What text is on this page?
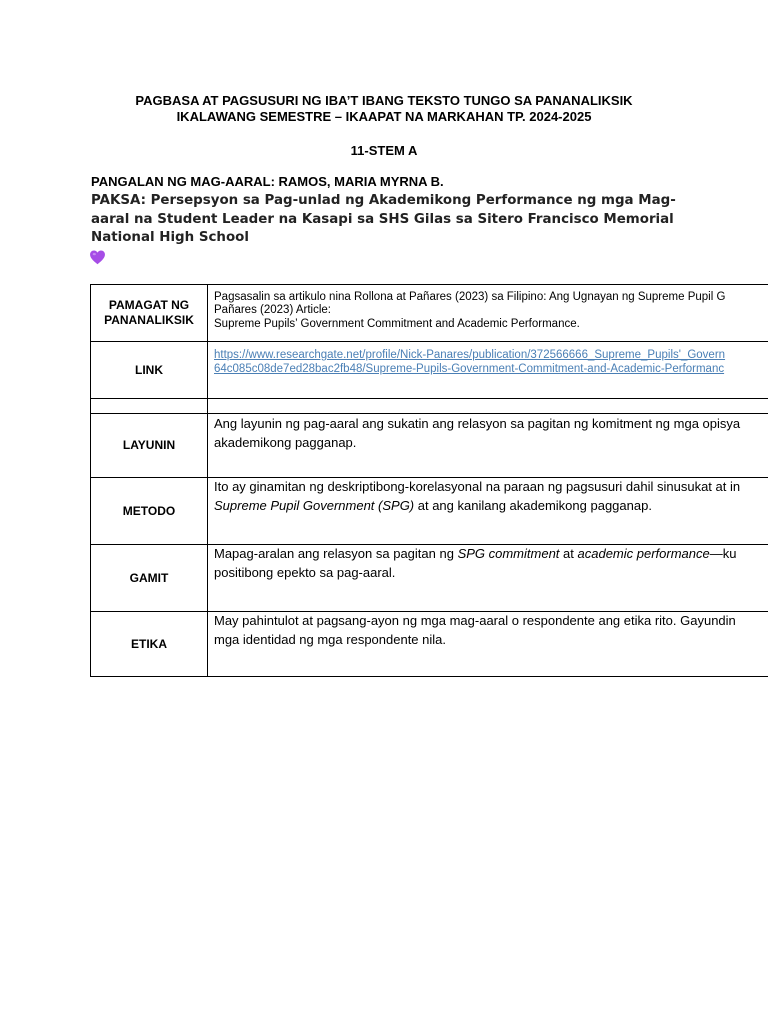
PAGBASA AT PAGSUSURI NG IBA’T IBANG TEKSTO TUNGO SA PANANALIKSIK
IKALAWANG SEMESTRE – IKAAPAT NA MARKAHAN TP. 2024-2025
11-STEM A
PANGALAN NG MAG-AARAL: RAMOS, MARIA MYRNA B.
PAKSA: Persepsyon sa Pag-unlad ng Akademikong Performance ng mga Mag-aaral na Student Leader na Kasapi sa SHS Gilas sa Sitero Francisco Memorial National High School
PAMAGAT NG PANANALIKSIK
Pagsasalin sa artikulo nina Rollona at Pañares (2023) sa Filipino: Ang Ugnayan ng Supreme Pupil G
Pañares (2023) Article:
Supreme Pupils’ Government Commitment and Academic Performance.
LINK
https://www.researchgate.net/profile/Nick-Panares/publication/372566666_Supreme_Pupils'_Govern
64c085c08de7ed28bac2fb48/Supreme-Pupils-Government-Commitment-and-Academic-Performanc
LAYUNIN
Ang layunin ng pag-aaral ang sukatin ang relasyon sa pagitan ng komitment ng mga opisya
akademikong pagganap.
METODO
Ito ay ginamitan ng deskriptibong-korelasyonal na paraan ng pagsusuri dahil sinusukat at in
Supreme Pupil Government (SPG) at ang kanilang akademikong pagganap.
GAMIT
Mapag-aralan ang relasyon sa pagitan ng SPG commitment at academic performance—ku
positibong epekto sa pag-aaral.
ETIKA
May pahintulot at pagsang-ayon ng mga mag-aaral o respondente ang etika rito. Gayundin
mga identidad ng mga respondente nila.
